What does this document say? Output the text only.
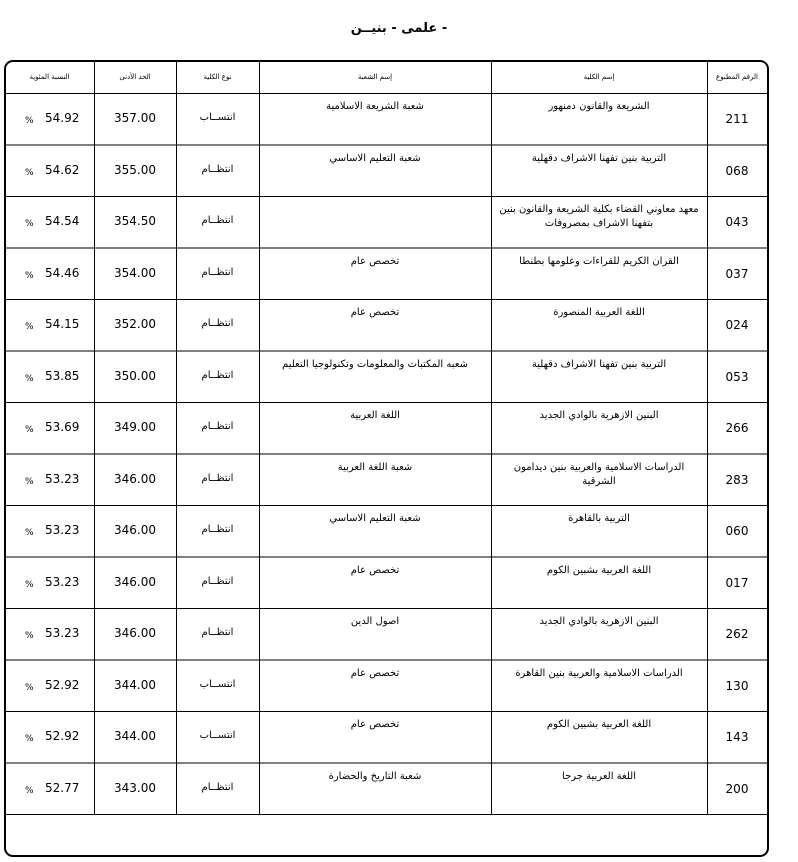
- علمى - بنيــن
الرقم المطبوع
إسم الكلية
إسم الشعبة
نوع الكلية
الحد الأدنى
النسبة المئوية
211
الشريعة والقانون دمنهور
شعبة الشريعة الاسلامية
انتســاب
357.00
54.92
%
068
التربية بنين تفهنا الاشراف دقهلية
شعبة التعليم الاساسي
انتظــام
355.00
54.62
%
043
معهد معاوني القضاء بكلية الشريعة والقانون بنين بتفهنا الاشراف بمصروفات
انتظــام
354.50
54.54
%
037
القران الكريم للقراءات وعلومها بطنطا
تخصص عام
انتظــام
354.00
54.46
%
024
اللغة العربية المنصورة
تخصص عام
انتظــام
352.00
54.15
%
053
التربية بنين تفهنا الاشراف دقهلية
شعبه المكتبات والمعلومات وتكنولوجيا التعليم
انتظــام
350.00
53.85
%
266
البنين الازهرية بالوادي الجديد
اللغة العربية
انتظــام
349.00
53.69
%
283
الدراسات الاسلامية والعربية بنين ديدامون الشرقية
شعبة اللغة العربية
انتظــام
346.00
53.23
%
060
التربية بالقاهرة
شعبة التعليم الاساسي
انتظــام
346.00
53.23
%
017
اللغة العربية بشبين الكوم
تخصص عام
انتظــام
346.00
53.23
%
262
البنين الازهرية بالوادي الجديد
اصول الدين
انتظــام
346.00
53.23
%
130
الدراسات الاسلامية والعربية بنين القاهرة
تخصص عام
انتســاب
344.00
52.92
%
143
اللغة العربية بشبين الكوم
تخصص عام
انتســاب
344.00
52.92
%
200
اللغة العربية جرجا
شعبة التاريخ والحضارة
انتظــام
343.00
52.77
%
